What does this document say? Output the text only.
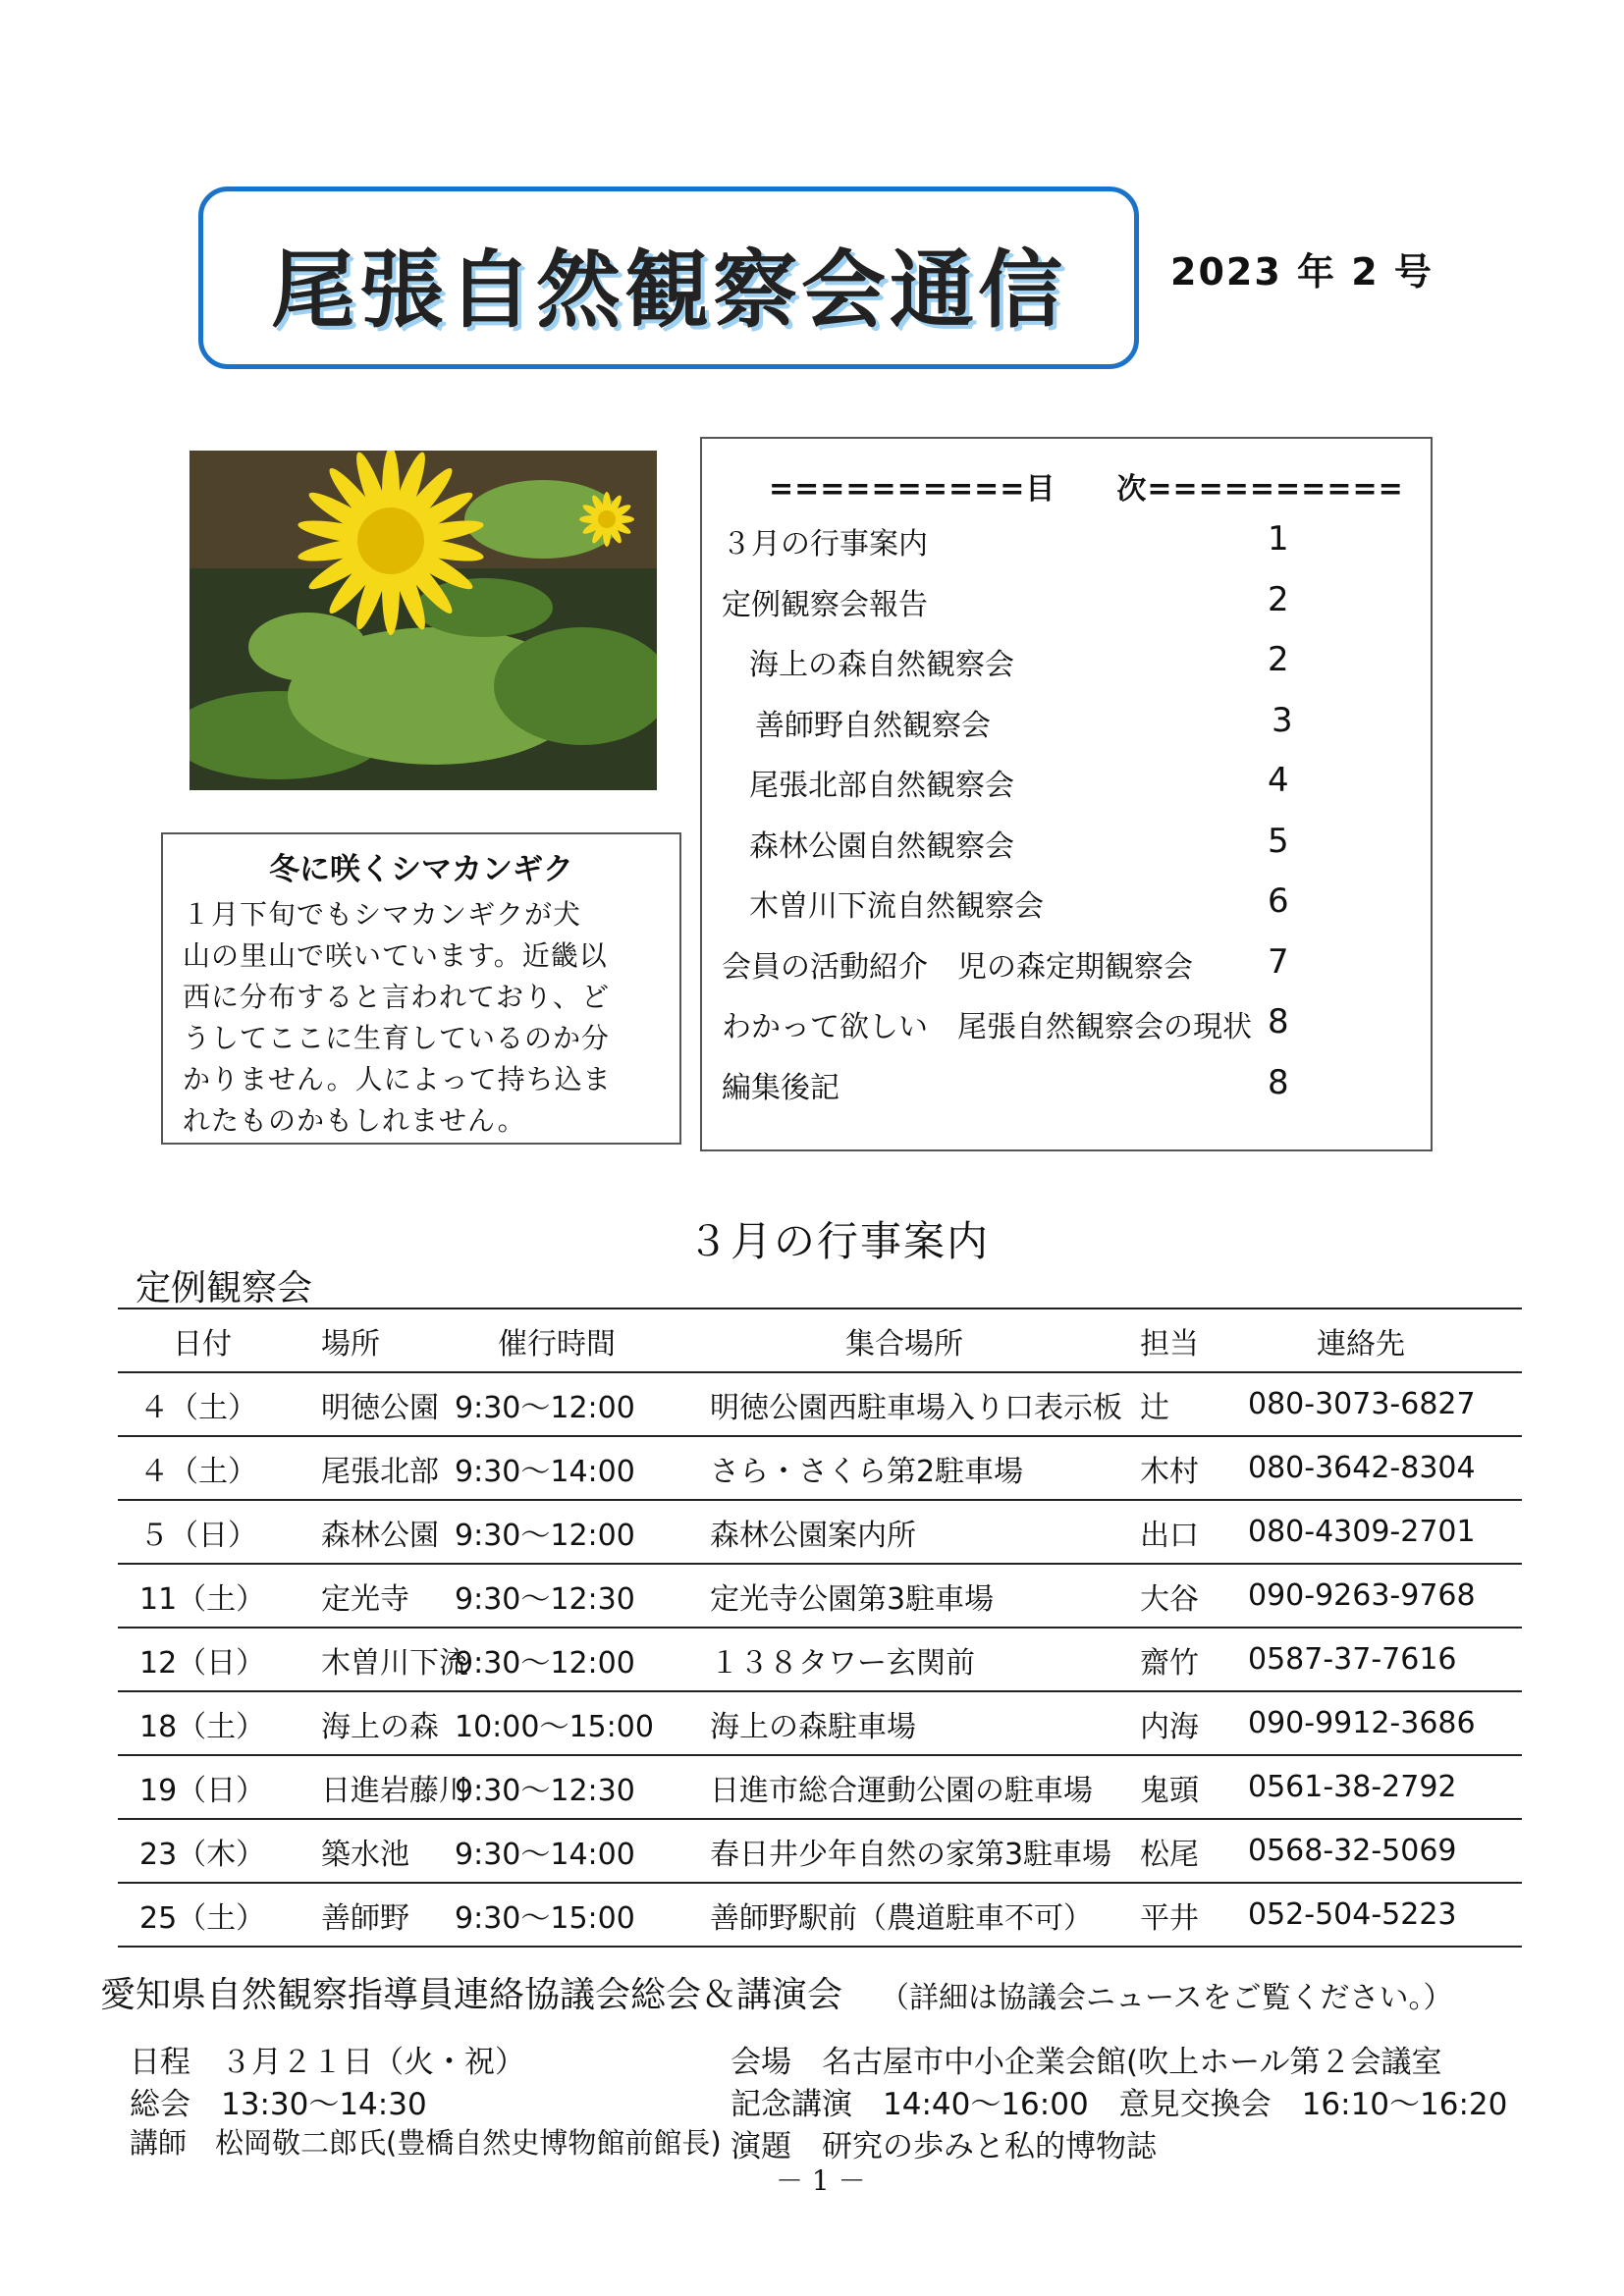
尾張自然観察会通信	2023 年 2 号
冬に咲くシマカンギク
１月下旬でもシマカンギクが犬
山の里山で咲いています。近畿以
西に分布すると言われており、ど
うしてここに生育しているのか分
かりません。人によって持ち込ま
れたものかもしれません。
==========目　　次==========
３月の行事案内	1
定例観察会報告	2
海上の森自然観察会	2
善師野自然観察会	3
尾張北部自然観察会	4
森林公園自然観察会	5
木曽川下流自然観察会	6
会員の活動紹介　児の森定期観察会 7
わかって欲しい　尾張自然観察会の現状 8
編集後記	8
３月の行事案内
定例観察会
日付	場所	催行時間	集合場所	担当	連絡先
４（土）	明徳公園	9:30～12:00	明徳公園西駐車場入り口表示板	辻	080-3073-6827
４（土）	尾張北部	9:30～14:00	さら・さくら第2駐車場	木村	080-3642-8304
５（日）	森林公園	9:30～12:00	森林公園案内所	出口	080-4309-2701
11（土）	定光寺	9:30～12:30	定光寺公園第3駐車場	大谷	090-9263-9768
12（日）	木曽川下流	9:30～12:00	１３８タワー玄関前	齋竹	0587-37-7616
18（土）	海上の森	10:00～15:00	海上の森駐車場	内海	090-9912-3686
19（日）	日進岩藤川	9:30～12:30	日進市総合運動公園の駐車場	鬼頭	0561-38-2792
23（木）	築水池	9:30～14:00	春日井少年自然の家第3駐車場	松尾	0568-32-5069
25（土）	善師野	9:30～15:00	善師野駅前（農道駐車不可）	平井	052-504-5223
愛知県自然観察指導員連絡協議会総会＆講演会 （詳細は協議会ニュースをご覧ください。）
日程　３月２１日（火・祝）	会場　名古屋市中小企業会館(吹上ホール第２会議室
総会　13:30～14:30	記念講演　14:40～16:00　意見交換会　16:10～16:20
講師　松岡敬二郎氏(豊橋自然史博物館前館長) 演題　研究の歩みと私的博物誌
－ 1 －
